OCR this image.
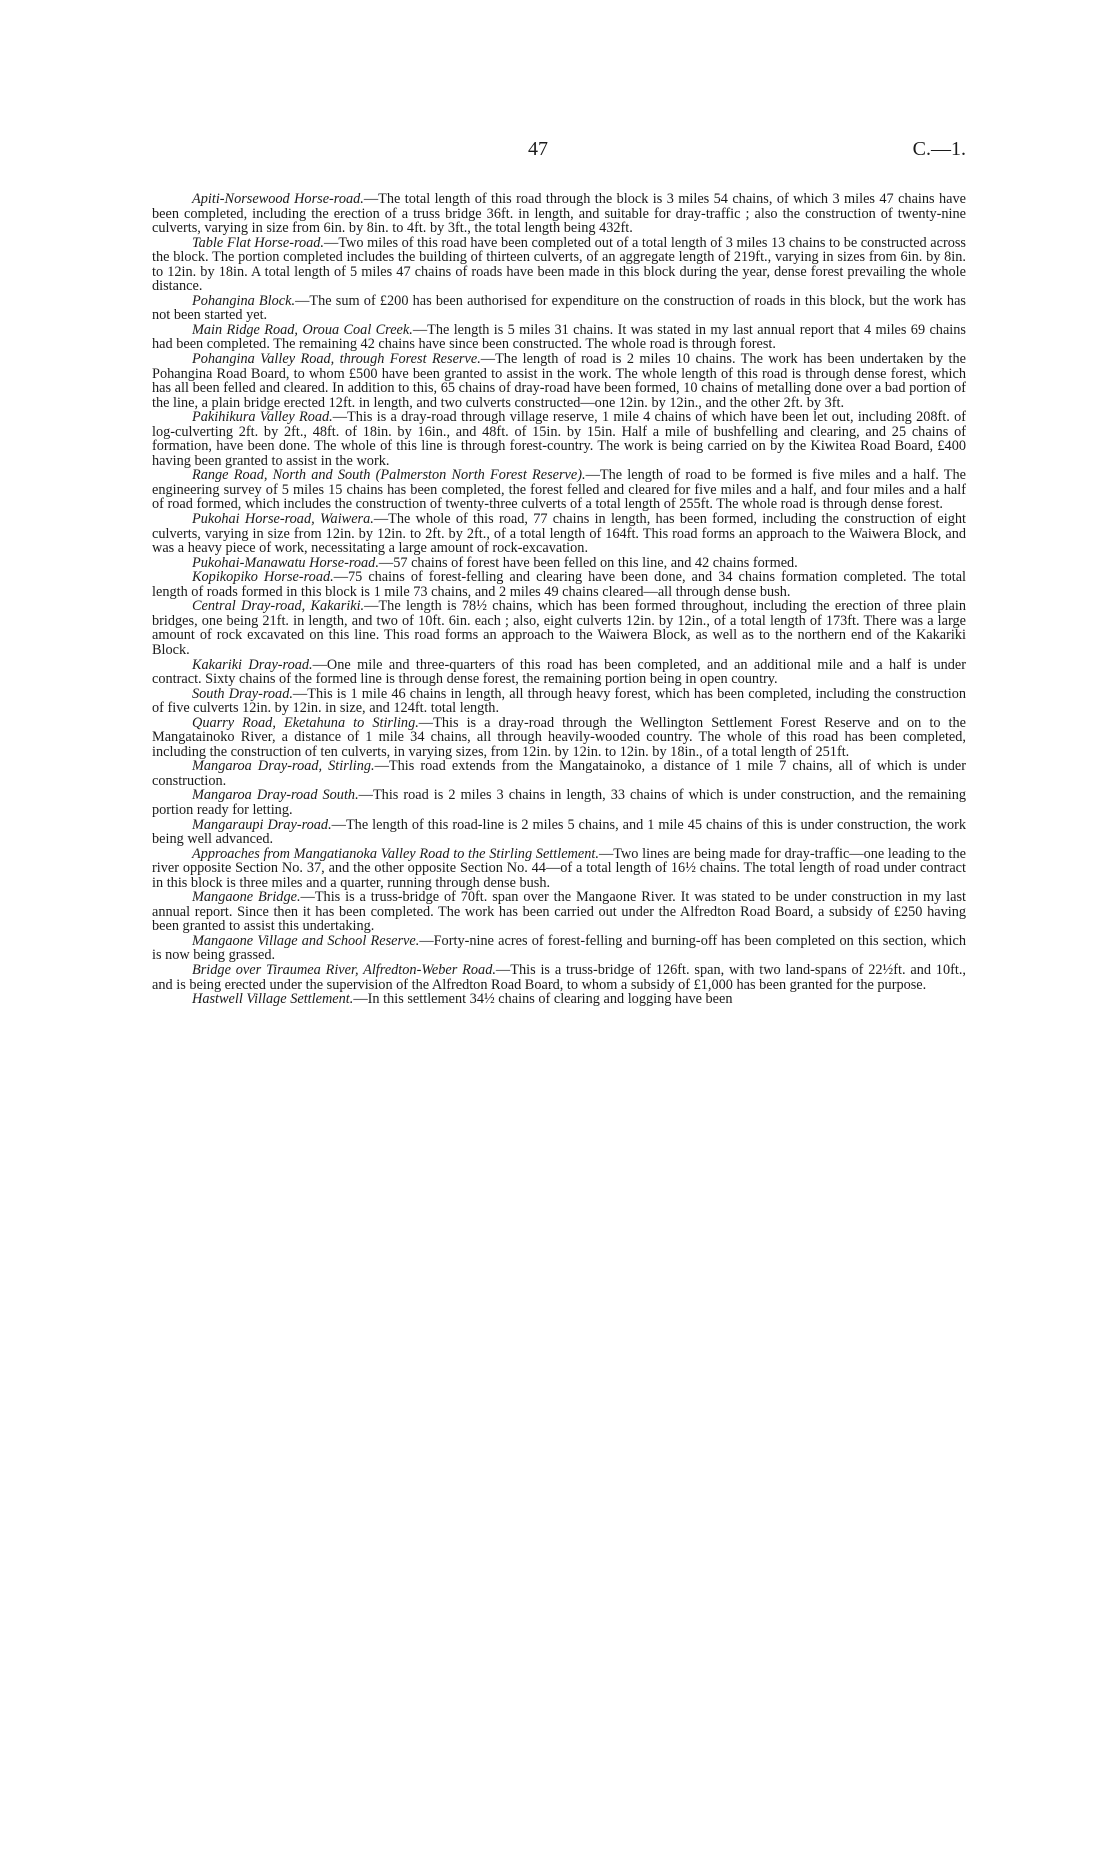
47	C.—1.

Apiti-Norsewood Horse-road.—The total length of this road through the block is 3 miles 54 chains, of which 3 miles 47 chains have been completed, including the erection of a truss bridge 36ft. in length, and suitable for dray-traffic ; also the construction of twenty-nine culverts, varying in size from 6in. by 8in. to 4ft. by 3ft., the total length being 432ft.

Table Flat Horse-road.—Two miles of this road have been completed out of a total length of 3 miles 13 chains to be constructed across the block. The portion completed includes the building of thirteen culverts, of an aggregate length of 219ft., varying in sizes from 6in. by 8in. to 12in. by 18in. A total length of 5 miles 47 chains of roads have been made in this block during the year, dense forest prevailing the whole distance.

Pohangina Block.—The sum of £200 has been authorised for expenditure on the construction of roads in this block, but the work has not been started yet.

Main Ridge Road, Oroua Coal Creek.—The length is 5 miles 31 chains. It was stated in my last annual report that 4 miles 69 chains had been completed. The remaining 42 chains have since been constructed. The whole road is through forest.

Pohangina Valley Road, through Forest Reserve.—The length of road is 2 miles 10 chains. The work has been undertaken by the Pohangina Road Board, to whom £500 have been granted to assist in the work. The whole length of this road is through dense forest, which has all been felled and cleared. In addition to this, 65 chains of dray-road have been formed, 10 chains of metalling done over a bad portion of the line, a plain bridge erected 12ft. in length, and two culverts constructed—one 12in. by 12in., and the other 2ft. by 3ft.

Pakihikura Valley Road.—This is a dray-road through village reserve, 1 mile 4 chains of which have been let out, including 208ft. of log-culverting 2ft. by 2ft., 48ft. of 18in. by 16in., and 48ft. of 15in. by 15in. Half a mile of bushfelling and clearing, and 25 chains of formation, have been done. The whole of this line is through forest-country. The work is being carried on by the Kiwitea Road Board, £400 having been granted to assist in the work.

Range Road, North and South (Palmerston North Forest Reserve).—The length of road to be formed is five miles and a half. The engineering survey of 5 miles 15 chains has been completed, the forest felled and cleared for five miles and a half, and four miles and a half of road formed, which includes the construction of twenty-three culverts of a total length of 255ft. The whole road is through dense forest.

Pukohai Horse-road, Waiwera.—The whole of this road, 77 chains in length, has been formed, including the construction of eight culverts, varying in size from 12in. by 12in. to 2ft. by 2ft., of a total length of 164ft. This road forms an approach to the Waiwera Block, and was a heavy piece of work, necessitating a large amount of rock-excavation.

Pukohai-Manawatu Horse-road.—57 chains of forest have been felled on this line, and 42 chains formed.

Kopikopiko Horse-road.—75 chains of forest-felling and clearing have been done, and 34 chains formation completed. The total length of roads formed in this block is 1 mile 73 chains, and 2 miles 49 chains cleared—all through dense bush.

Central Dray-road, Kakariki.—The length is 78½ chains, which has been formed throughout, including the erection of three plain bridges, one being 21ft. in length, and two of 10ft. 6in. each ; also, eight culverts 12in. by 12in., of a total length of 173ft. There was a large amount of rock excavated on this line. This road forms an approach to the Waiwera Block, as well as to the northern end of the Kakariki Block.

Kakariki Dray-road.—One mile and three-quarters of this road has been completed, and an additional mile and a half is under contract. Sixty chains of the formed line is through dense forest, the remaining portion being in open country.

South Dray-road.—This is 1 mile 46 chains in length, all through heavy forest, which has been completed, including the construction of five culverts 12in. by 12in. in size, and 124ft. total length.

Quarry Road, Eketahuna to Stirling.—This is a dray-road through the Wellington Settlement Forest Reserve and on to the Mangatainoko River, a distance of 1 mile 34 chains, all through heavily-wooded country. The whole of this road has been completed, including the construction of ten culverts, in varying sizes, from 12in. by 12in. to 12in. by 18in., of a total length of 251ft.

Mangaroa Dray-road, Stirling.—This road extends from the Mangatainoko, a distance of 1 mile 7 chains, all of which is under construction.

Mangaroa Dray-road South.—This road is 2 miles 3 chains in length, 33 chains of which is under construction, and the remaining portion ready for letting.

Mangaraupi Dray-road.—The length of this road-line is 2 miles 5 chains, and 1 mile 45 chains of this is under construction, the work being well advanced.

Approaches from Mangatianoka Valley Road to the Stirling Settlement.—Two lines are being made for dray-traffic—one leading to the river opposite Section No. 37, and the other opposite Section No. 44—of a total length of 16½ chains. The total length of road under contract in this block is three miles and a quarter, running through dense bush.

Mangaone Bridge.—This is a truss-bridge of 70ft. span over the Mangaone River. It was stated to be under construction in my last annual report. Since then it has been completed. The work has been carried out under the Alfredton Road Board, a subsidy of £250 having been granted to assist this undertaking.

Mangaone Village and School Reserve.—Forty-nine acres of forest-felling and burning-off has been completed on this section, which is now being grassed.

Bridge over Tiraumea River, Alfredton-Weber Road.—This is a truss-bridge of 126ft. span, with two land-spans of 22½ft. and 10ft., and is being erected under the supervision of the Alfredton Road Board, to whom a subsidy of £1,000 has been granted for the purpose.

Hastwell Village Settlement.—In this settlement 34½ chains of clearing and logging have been
